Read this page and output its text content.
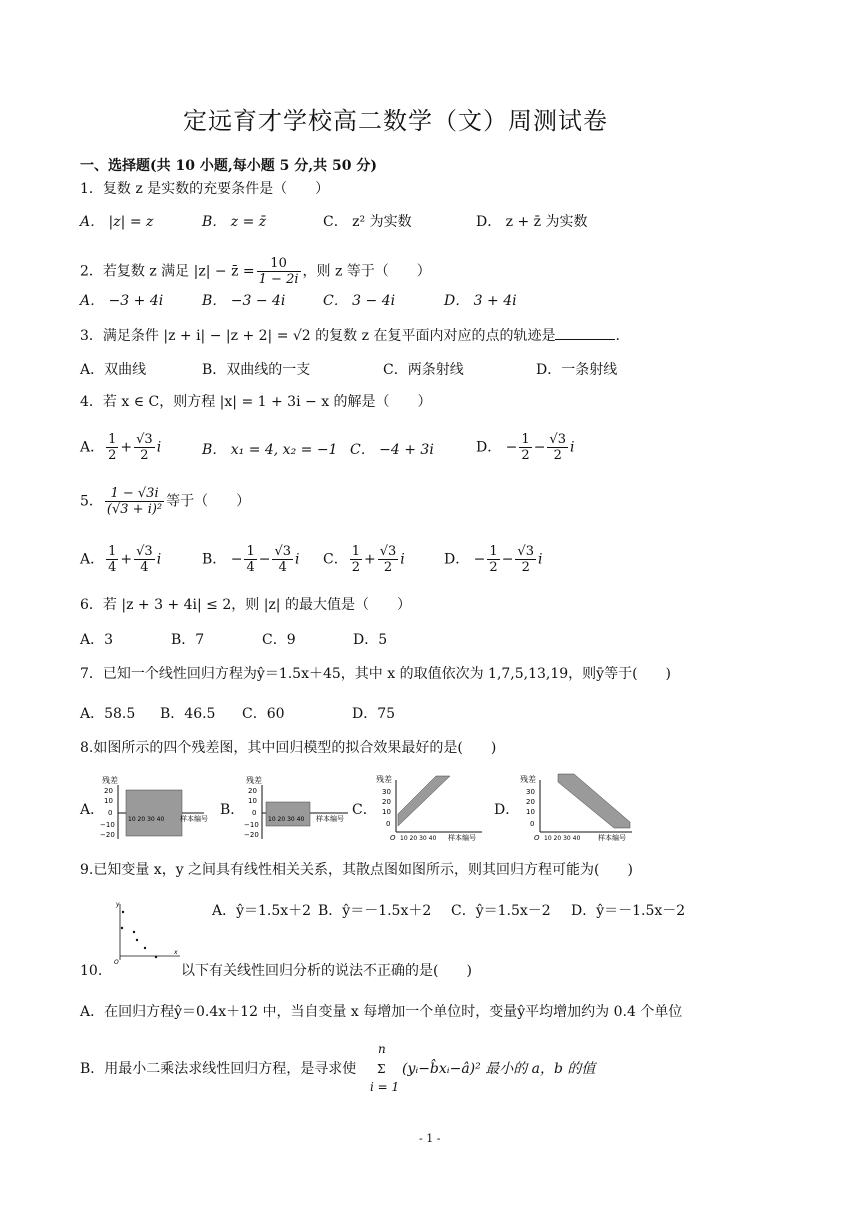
定远育才学校高二数学（文）周测试卷
一、选择题(共 10 小题,每小题 5 分,共 50 分)
1．复数 z 是实数的充要条件是（　　）
A． |z| = z	B． z = z̄	C． z² 为实数	D． z + z̄ 为实数
2．若复数 z 满足 |z| − z̄ = $\frac{10}{1 - 2i}$ ，则 z 等于（　　）
A． −3 + 4i	B． −3 − 4i	C． 3 − 4i	D． 3 + 4i
3．满足条件 |z + i| − |z + 2| = √2 的复数 z 在复平面内对应的点的轨迹是	.
A．双曲线	B．双曲线的一支	C．两条射线	D．一条射线
4．若 x ∈ C，则方程 |x| = 1 + 3i − x 的解是（　　）
A． $\frac{1}{2} + \frac{√3}{2}$ i	B． x₁ = 4, x₂ = −1 C． −4 + 3i	D． − $\frac{1}{2} - \frac{√3}{2}$ i
5． $\frac{1 - √3i}{\text{(√3 + i)²}}$ 等于（　　）
A． $\frac{1}{4} + \frac{√3}{4}$ i	B． − $\frac{1}{4} - \frac{√3}{4}$ i C． $\frac{1}{2} + \frac{√3}{2}$ i	D． − $\frac{1}{2} - \frac{√3}{2}$ i
6．若 |z + 3 + 4i| ≤ 2，则 |z| 的最大值是（　　）
A．3	B．7	C．9	D．5
7．已知一个线性回归方程为ŷ＝1.5x＋45，其中 x 的取值依次为 1,7,5,13,19，则ȳ等于(　　)
A．58.5 B．46.5 C．60	D．75
8.如图所示的四个残差图，其中回归模型的拟合效果最好的是(　　)
A．	B．	C．	D．
残差
20
10
0
−10
−20
10 20 30 40 样本编号
残差
20
10
0
−10
−20
10 20 30 40 样本编号
残差
30
20
10
0
O 10 20 30 40 样本编号
残差
30
20
10
0
O 10 20 30 40	样本编号
9.已知变量 x，y 之间具有线性相关关系，其散点图如图所示，则其回归方程可能为(　　)
y
x
O
A．ŷ＝1.5x＋2 B．ŷ＝－1.5x＋2 C．ŷ＝1.5x－2 D．ŷ＝－1.5x－2
10.	以下有关线性回归分析的说法不正确的是(　　)
A．在回归方程ŷ＝0.4x＋12 中，当自变量 x 每增加一个单位时，变量ŷ平均增加约为 0.4 个单位
B．用最小二乘法求线性回归方程，是寻求使
n
Σ
i = 1
(yᵢ−b̂xᵢ−â)² 最小的 a，b 的值
- 1 -
